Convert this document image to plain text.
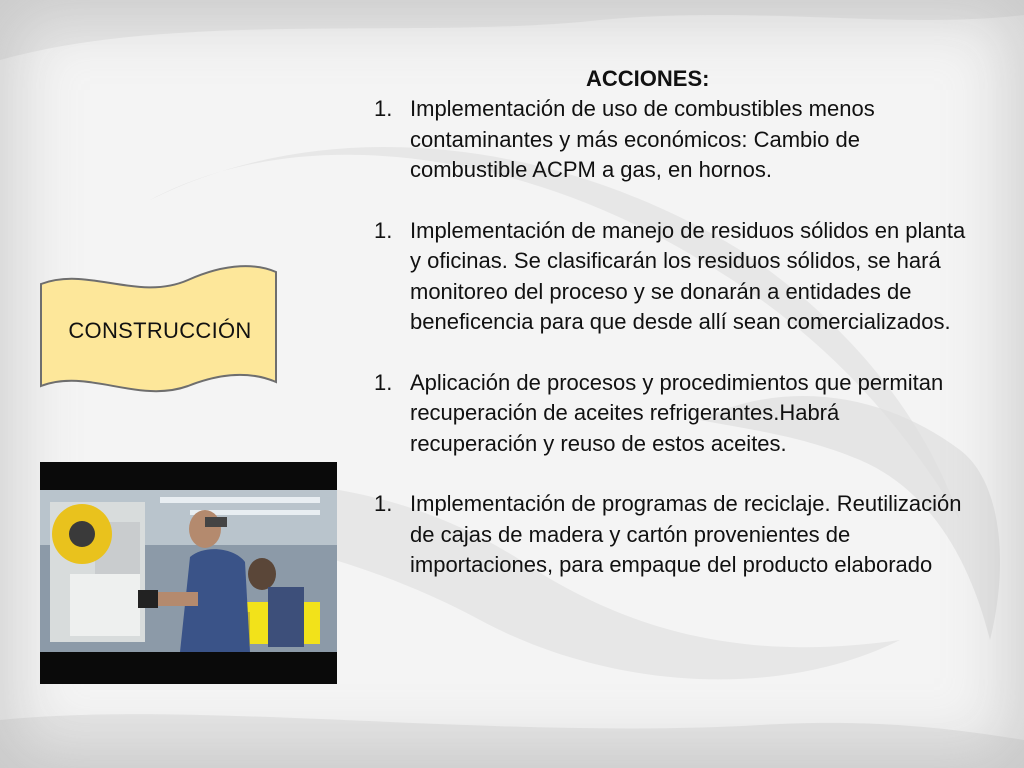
CONSTRUCCIÓN

ACCIONES:

1. Implementación de uso de combustibles menos contaminantes y más económicos: Cambio de combustible ACPM a gas, en hornos.
1. Implementación de manejo de residuos sólidos en planta y oficinas. Se clasificarán los residuos sólidos, se hará monitoreo del proceso y se donarán a entidades de beneficencia para que desde allí sean comercializados.
1. Aplicación de procesos y procedimientos que permitan recuperación de aceites refrigerantes.Habrá recuperación y reuso de estos aceites.
1. Implementación de programas de reciclaje. Reutilización de cajas de madera y cartón provenientes de importaciones, para empaque del producto elaborado
